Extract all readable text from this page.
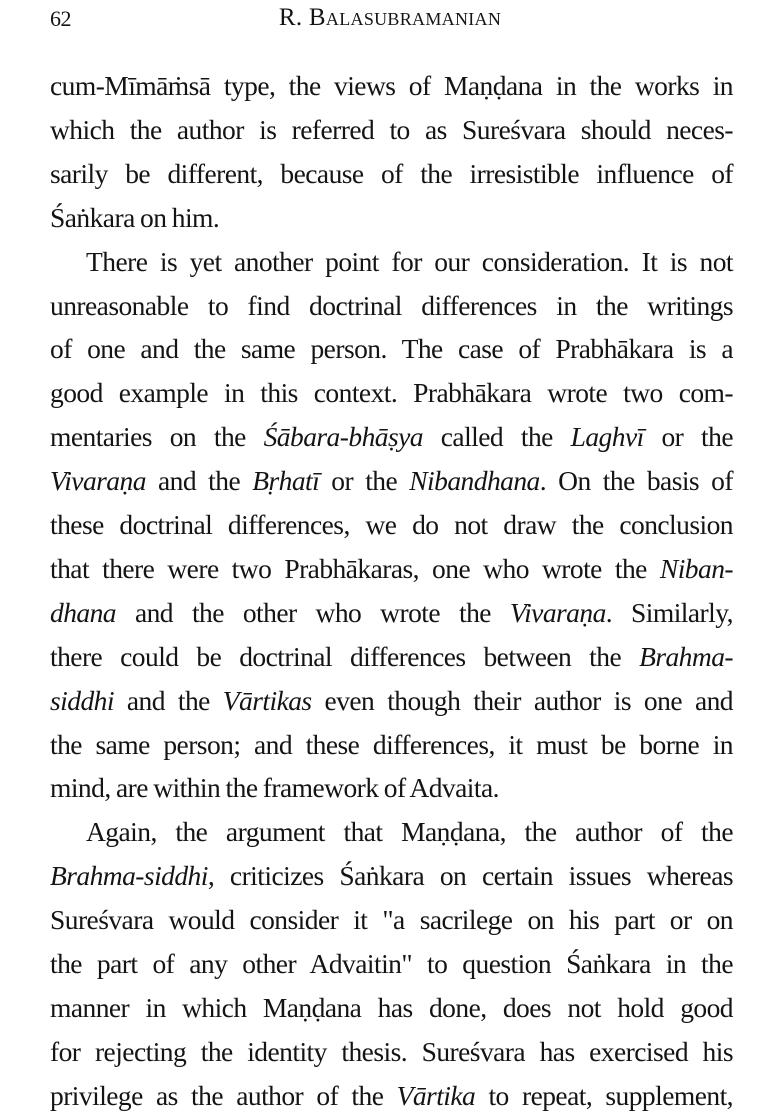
62	R. Balasubramanian
cum-Mīmāṁsā type, the views of Maṇḍana in the works in
which the author is referred to as Sureśvara should neces-
sarily be different, because of the irresistible influence of
Śaṅkara on him.
There is yet another point for our consideration. It is not
unreasonable to find doctrinal differences in the writings
of one and the same person. The case of Prabhākara is a
good example in this context. Prabhākara wrote two com-
mentaries on the Śābara-bhāṣya called the Laghvī or the
Vivaraṇa and the Bṛhatī or the Nibandhana. On the basis of
these doctrinal differences, we do not draw the conclusion
that there were two Prabhākaras, one who wrote the Niban-
dhana and the other who wrote the Vivaraṇa. Similarly,
there could be doctrinal differences between the Brahma-
siddhi and the Vārtikas even though their author is one and
the same person; and these differences, it must be borne in
mind, are within the framework of Advaita.
Again, the argument that Maṇḍana, the author of the
Brahma-siddhi, criticizes Śaṅkara on certain issues whereas
Sureśvara would consider it "a sacrilege on his part or on
the part of any other Advaitin" to question Śaṅkara in the
manner in which Maṇḍana has done, does not hold good
for rejecting the identity thesis. Sureśvara has exercised his
privilege as the author of the Vārtika to repeat, supplement,
